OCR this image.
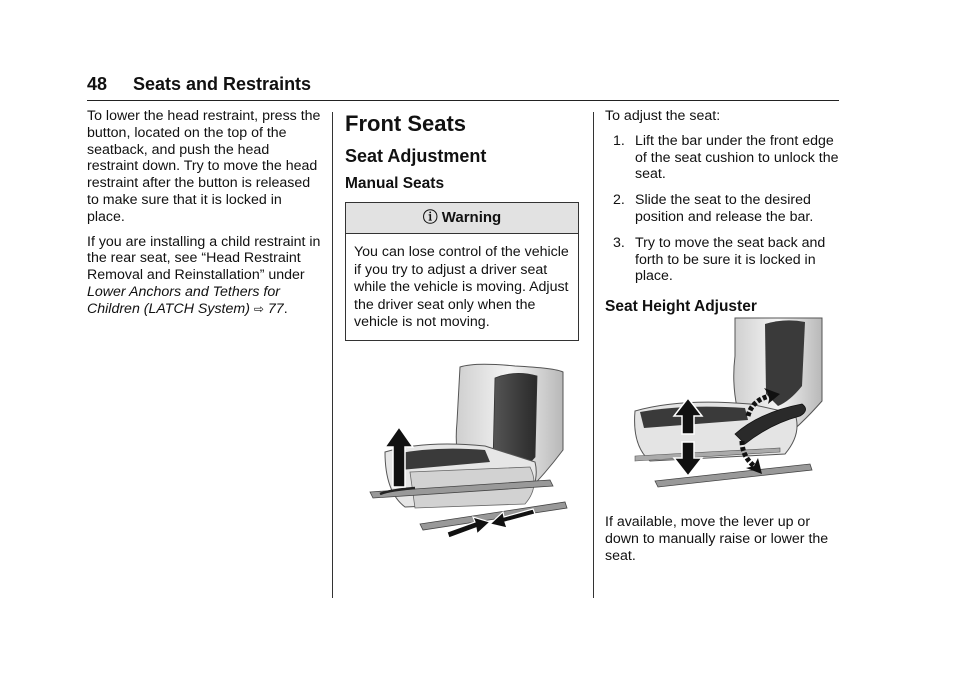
48 Seats and Restraints

To lower the head restraint, press the button, located on the top of the seatback, and push the head restraint down. Try to move the head restraint after the button is released to make sure that it is locked in place.

If you are installing a child restraint in the rear seat, see “Head Restraint Removal and Reinstallation” under Lower Anchors and Tethers for Children (LATCH System) ⇨ 77.

Front Seats
Seat Adjustment
Manual Seats
ⓘ Warning
You can lose control of the vehicle if you try to adjust a driver seat while the vehicle is moving. Adjust the driver seat only when the vehicle is not moving.

To adjust the seat:

1. Lift the bar under the front edge of the seat cushion to unlock the seat.
2. Slide the seat to the desired position and release the bar.
3. Try to move the seat back and forth to be sure it is locked in place.
Seat Height Adjuster
If available, move the lever up or down to manually raise or lower the seat.
